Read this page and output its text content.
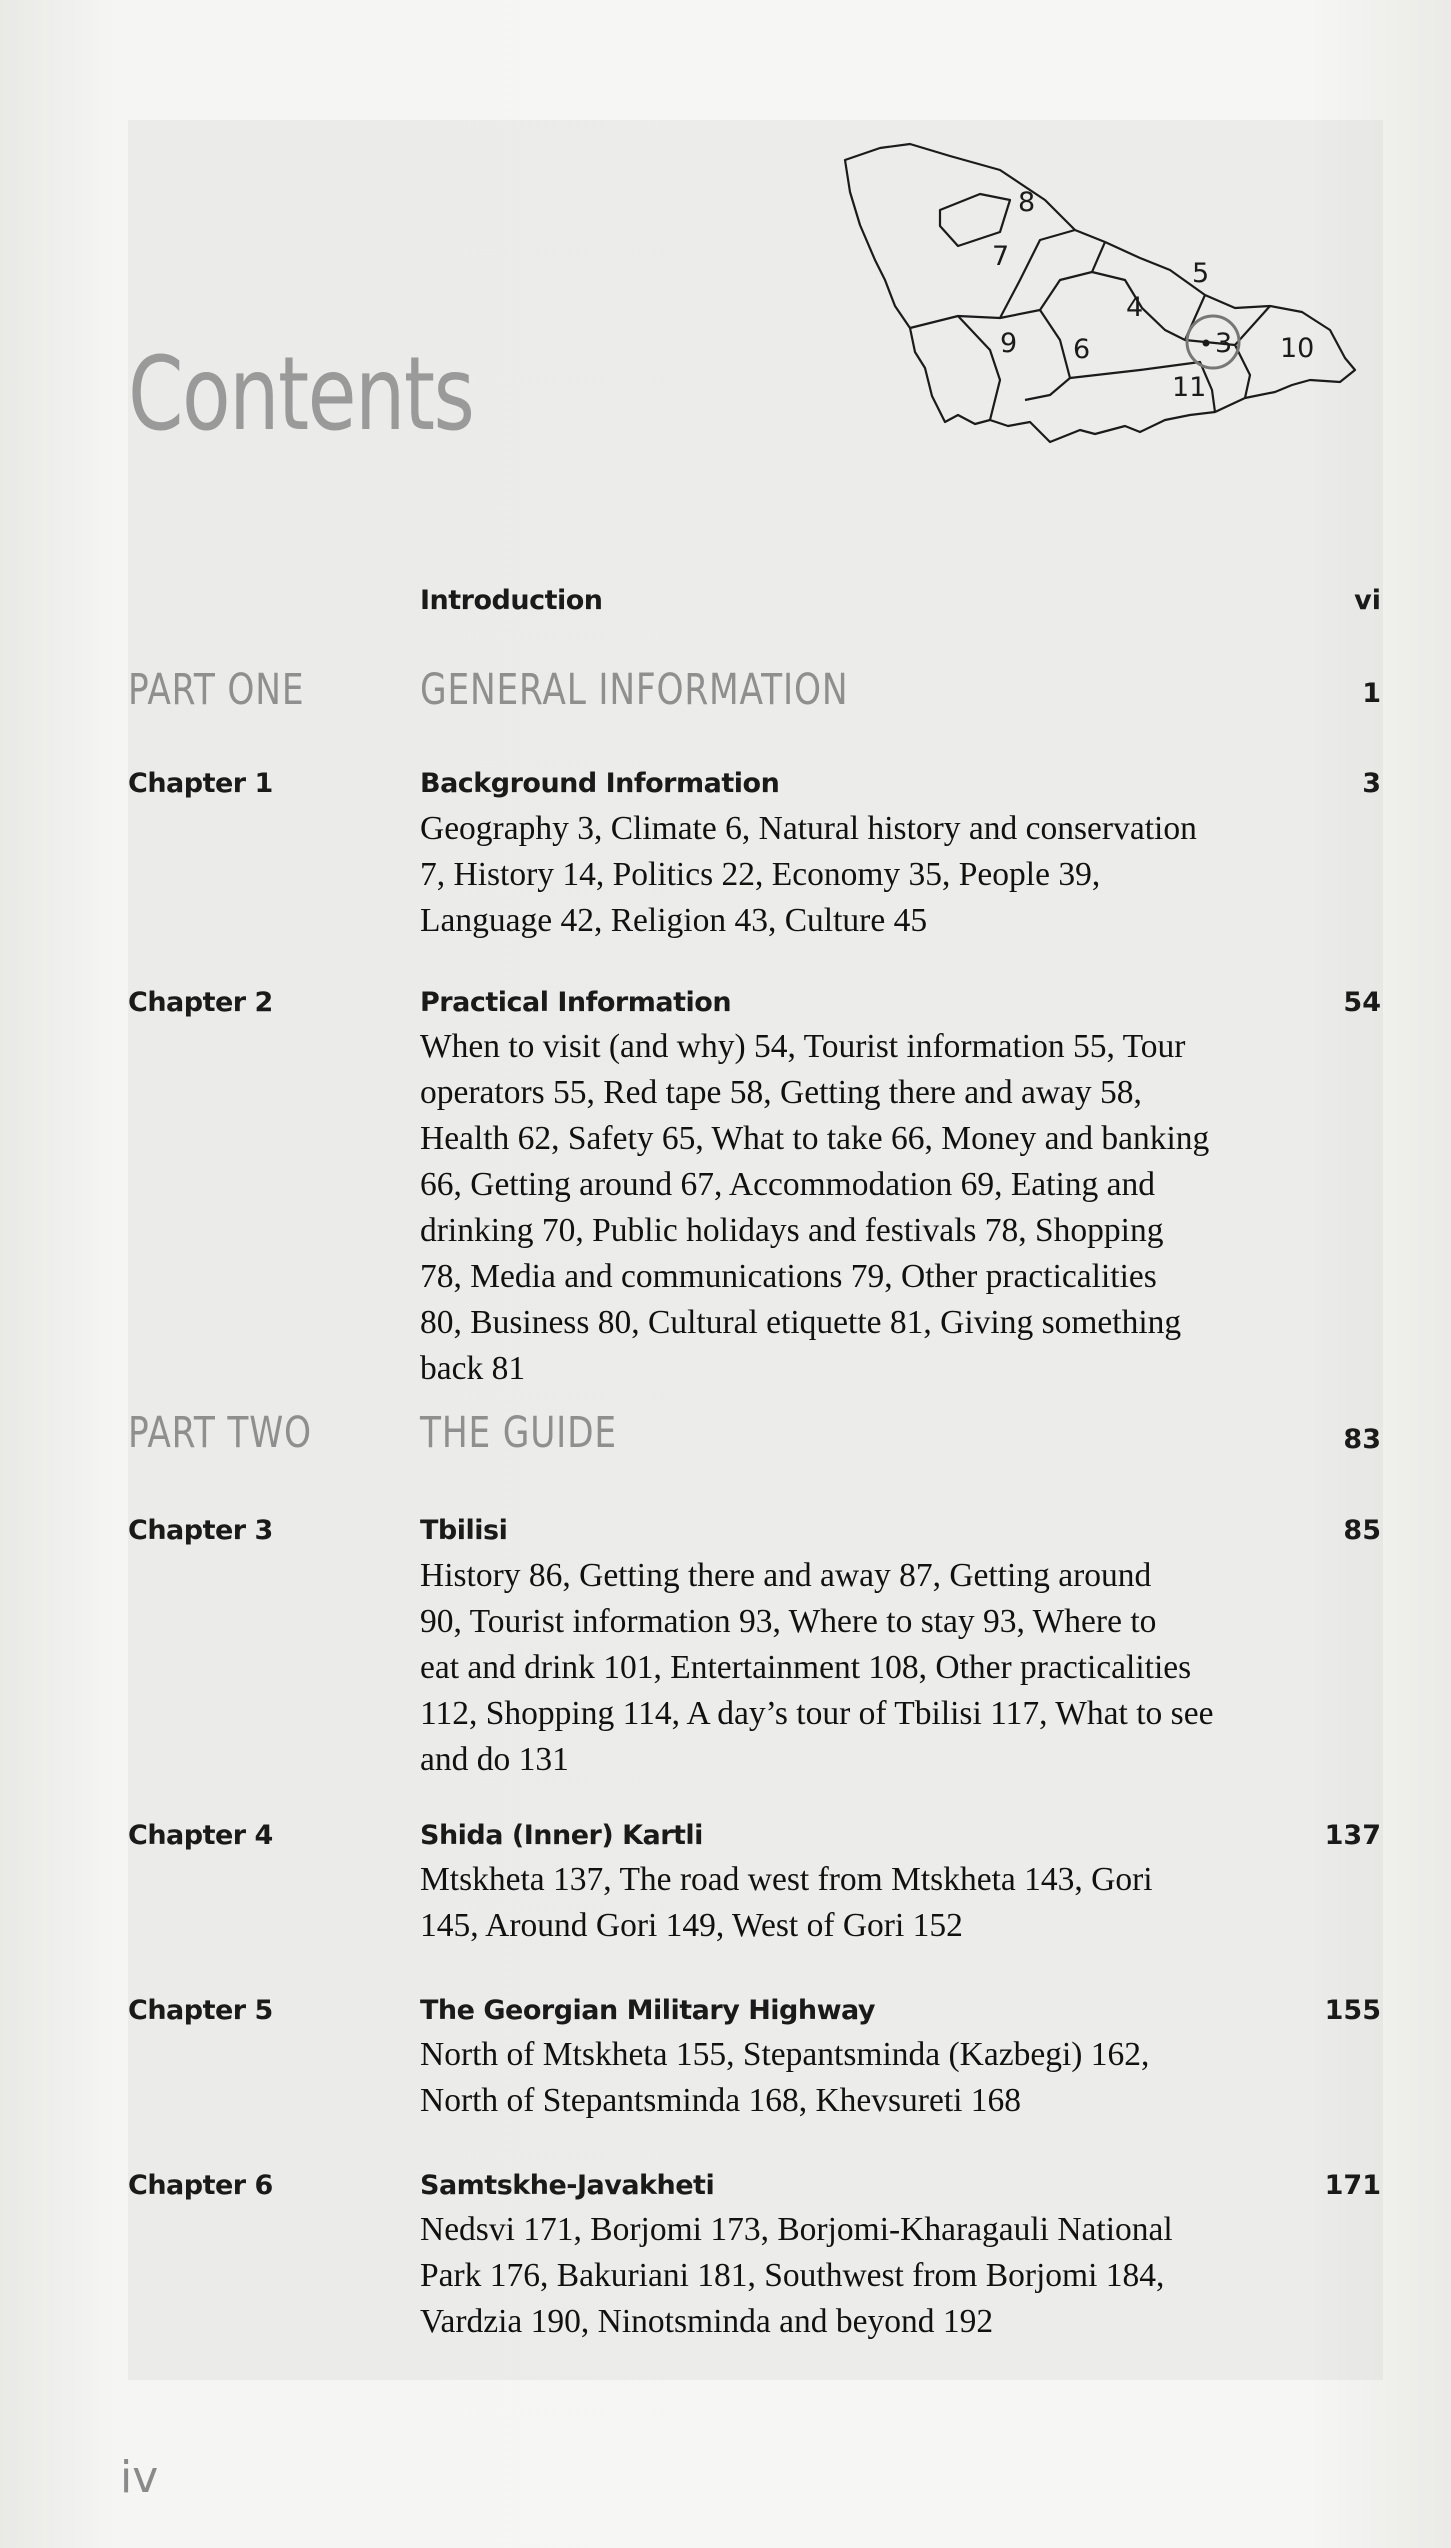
Contents
8
7
5
4
9 6	3 10
11
Introduction	vi
PART ONE	GENERAL INFORMATION	1
Chapter 1	Background Information	3
Geography 3, Climate 6, Natural history and conservation
7, History 14, Politics 22, Economy 35, People 39,
Language 42, Religion 43, Culture 45
Chapter 2	Practical Information	54
When to visit (and why) 54, Tourist information 55, Tour
operators 55, Red tape 58, Getting there and away 58,
Health 62, Safety 65, What to take 66, Money and banking
66, Getting around 67, Accommodation 69, Eating and
drinking 70, Public holidays and festivals 78, Shopping
78, Media and communications 79, Other practicalities
80, Business 80, Cultural etiquette 81, Giving something
back 81
PART TWO	THE GUIDE	83
Chapter 3	Tbilisi	85
History 86, Getting there and away 87, Getting around
90, Tourist information 93, Where to stay 93, Where to
eat and drink 101, Entertainment 108, Other practicalities
112, Shopping 114, A day’s tour of Tbilisi 117, What to see
and do 131
Chapter 4	Shida (Inner) Kartli	137
Mtskheta 137, The road west from Mtskheta 143, Gori
145, Around Gori 149, West of Gori 152
Chapter 5	The Georgian Military Highway	155
North of Mtskheta 155, Stepantsminda (Kazbegi) 162,
North of Stepantsminda 168, Khevsureti 168
Chapter 6	Samtskhe-Javakheti	171
Nedsvi 171, Borjomi 173, Borjomi-Kharagauli National
Park 176, Bakuriani 181, Southwest from Borjomi 184,
Vardzia 190, Ninotsminda and beyond 192
iv
